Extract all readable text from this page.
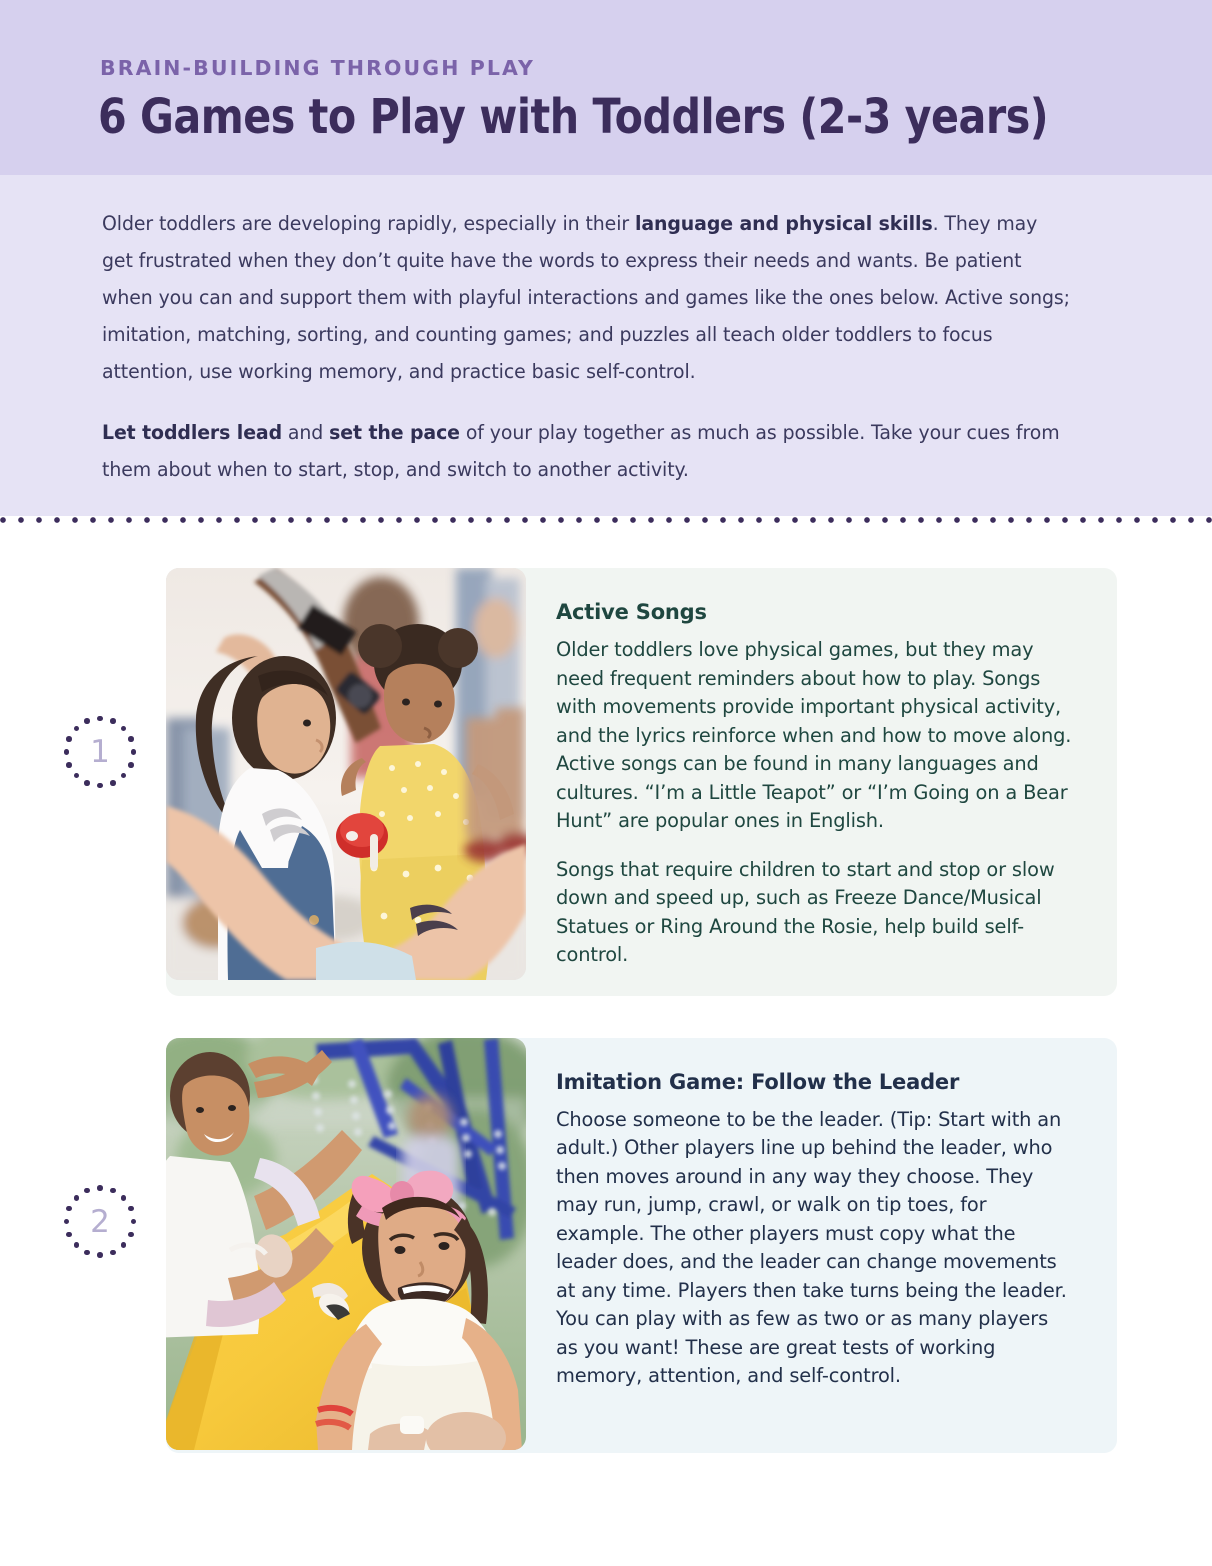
BRAIN-BUILDING THROUGH PLAY
6 Games to Play with Toddlers (2-3 years)

Older toddlers are developing rapidly, especially in their language and physical skills. They may get frustrated when they don’t quite have the words to express their needs and wants. Be patient when you can and support them with playful interactions and games like the ones below. Active songs; imitation, matching, sorting, and counting games; and puzzles all teach older toddlers to focus attention, use working memory, and practice basic self-control.

Let toddlers lead and set the pace of your play together as much as possible. Take your cues from them about when to start, stop, and switch to another activity.

1
Active Songs

Older toddlers love physical games, but they may need frequent reminders about how to play. Songs with movements provide important physical activity, and the lyrics reinforce when and how to move along. Active songs can be found in many languages and cultures. “I’m a Little Teapot” or “I’m Going on a Bear Hunt” are popular ones in English.

Songs that require children to start and stop or slow down and speed up, such as Freeze Dance/Musical Statues or Ring Around the Rosie, help build self-control.

2
Imitation Game: Follow the Leader

Choose someone to be the leader. (Tip: Start with an adult.) Other players line up behind the leader, who then moves around in any way they choose. They may run, jump, crawl, or walk on tip toes, for example. The other players must copy what the leader does, and the leader can change movements at any time. Players then take turns being the leader. You can play with as few as two or as many players as you want! These are great tests of working memory, attention, and self-control.
